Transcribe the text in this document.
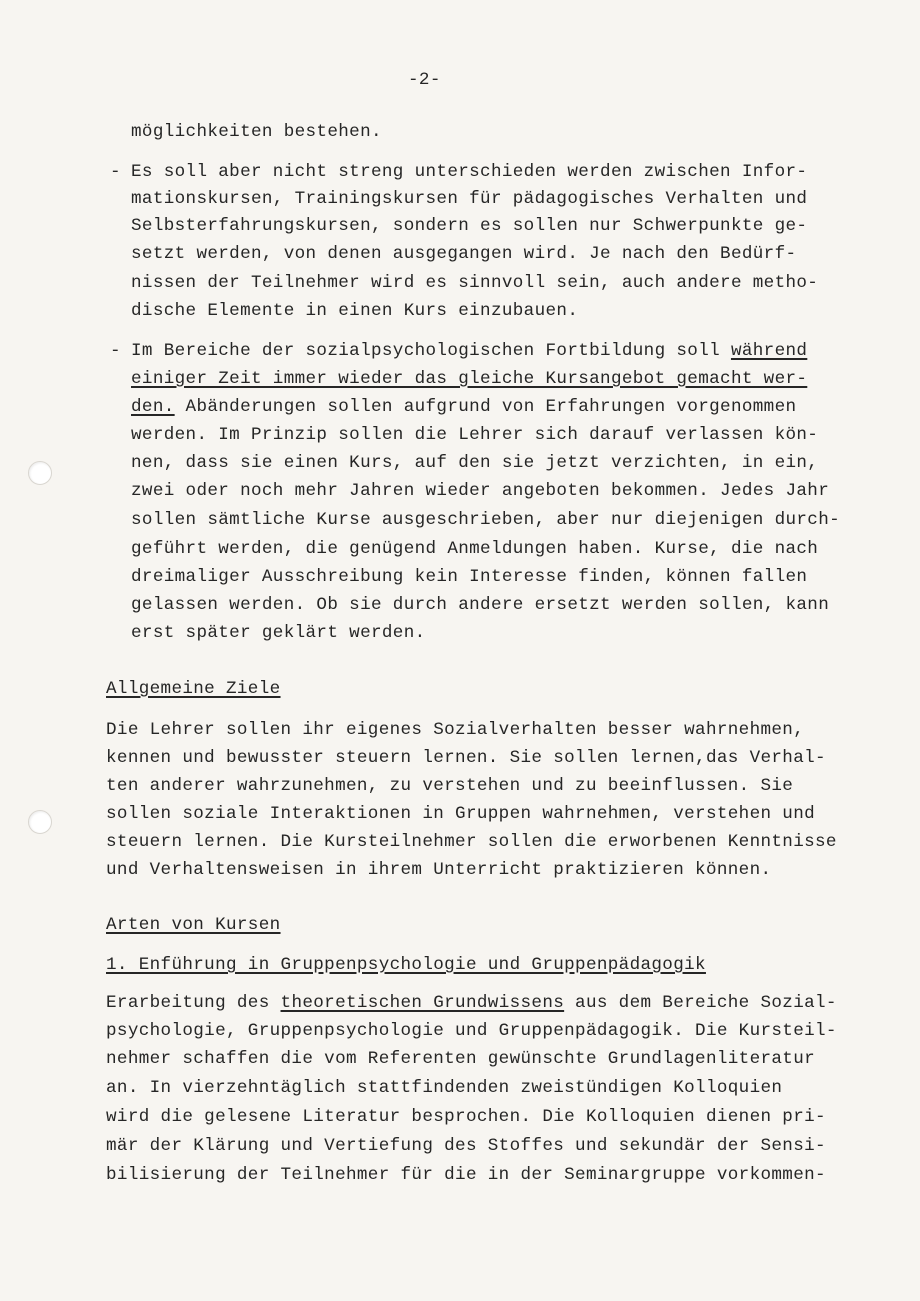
-2-
möglichkeiten bestehen.
- Es soll aber nicht streng unterschieden werden zwischen Infor-
mationskursen, Trainingskursen für pädagogisches Verhalten und
Selbsterfahrungskursen, sondern es sollen nur Schwerpunkte ge-
setzt werden, von denen ausgegangen wird. Je nach den Bedürf-
nissen der Teilnehmer wird es sinnvoll sein, auch andere metho-
dische Elemente in einen Kurs einzubauen.
- Im Bereiche der sozialpsychologischen Fortbildung soll während
einiger Zeit immer wieder das gleiche Kursangebot gemacht wer-
den. Abänderungen sollen aufgrund von Erfahrungen vorgenommen
werden. Im Prinzip sollen die Lehrer sich darauf verlassen kön-
nen, dass sie einen Kurs, auf den sie jetzt verzichten, in ein,
zwei oder noch mehr Jahren wieder angeboten bekommen. Jedes Jahr
sollen sämtliche Kurse ausgeschrieben, aber nur diejenigen durch-
geführt werden, die genügend Anmeldungen haben. Kurse, die nach
dreimaliger Ausschreibung kein Interesse finden, können fallen
gelassen werden. Ob sie durch andere ersetzt werden sollen, kann
erst später geklärt werden.
Allgemeine Ziele
Die Lehrer sollen ihr eigenes Sozialverhalten besser wahrnehmen,
kennen und bewusster steuern lernen. Sie sollen lernen,das Verhal-
ten anderer wahrzunehmen, zu verstehen und zu beeinflussen. Sie
sollen soziale Interaktionen in Gruppen wahrnehmen, verstehen und
steuern lernen. Die Kursteilnehmer sollen die erworbenen Kenntnisse
und Verhaltensweisen in ihrem Unterricht praktizieren können.
Arten von Kursen
1. Enführung in Gruppenpsychologie und Gruppenpädagogik
Erarbeitung des theoretischen Grundwissens aus dem Bereiche Sozial-
psychologie, Gruppenpsychologie und Gruppenpädagogik. Die Kursteil-
nehmer schaffen die vom Referenten gewünschte Grundlagenliteratur
an. In vierzehntäglich stattfindenden zweistündigen Kolloquien
wird die gelesene Literatur besprochen. Die Kolloquien dienen pri-
mär der Klärung und Vertiefung des Stoffes und sekundär der Sensi-
bilisierung der Teilnehmer für die in der Seminargruppe vorkommen-
